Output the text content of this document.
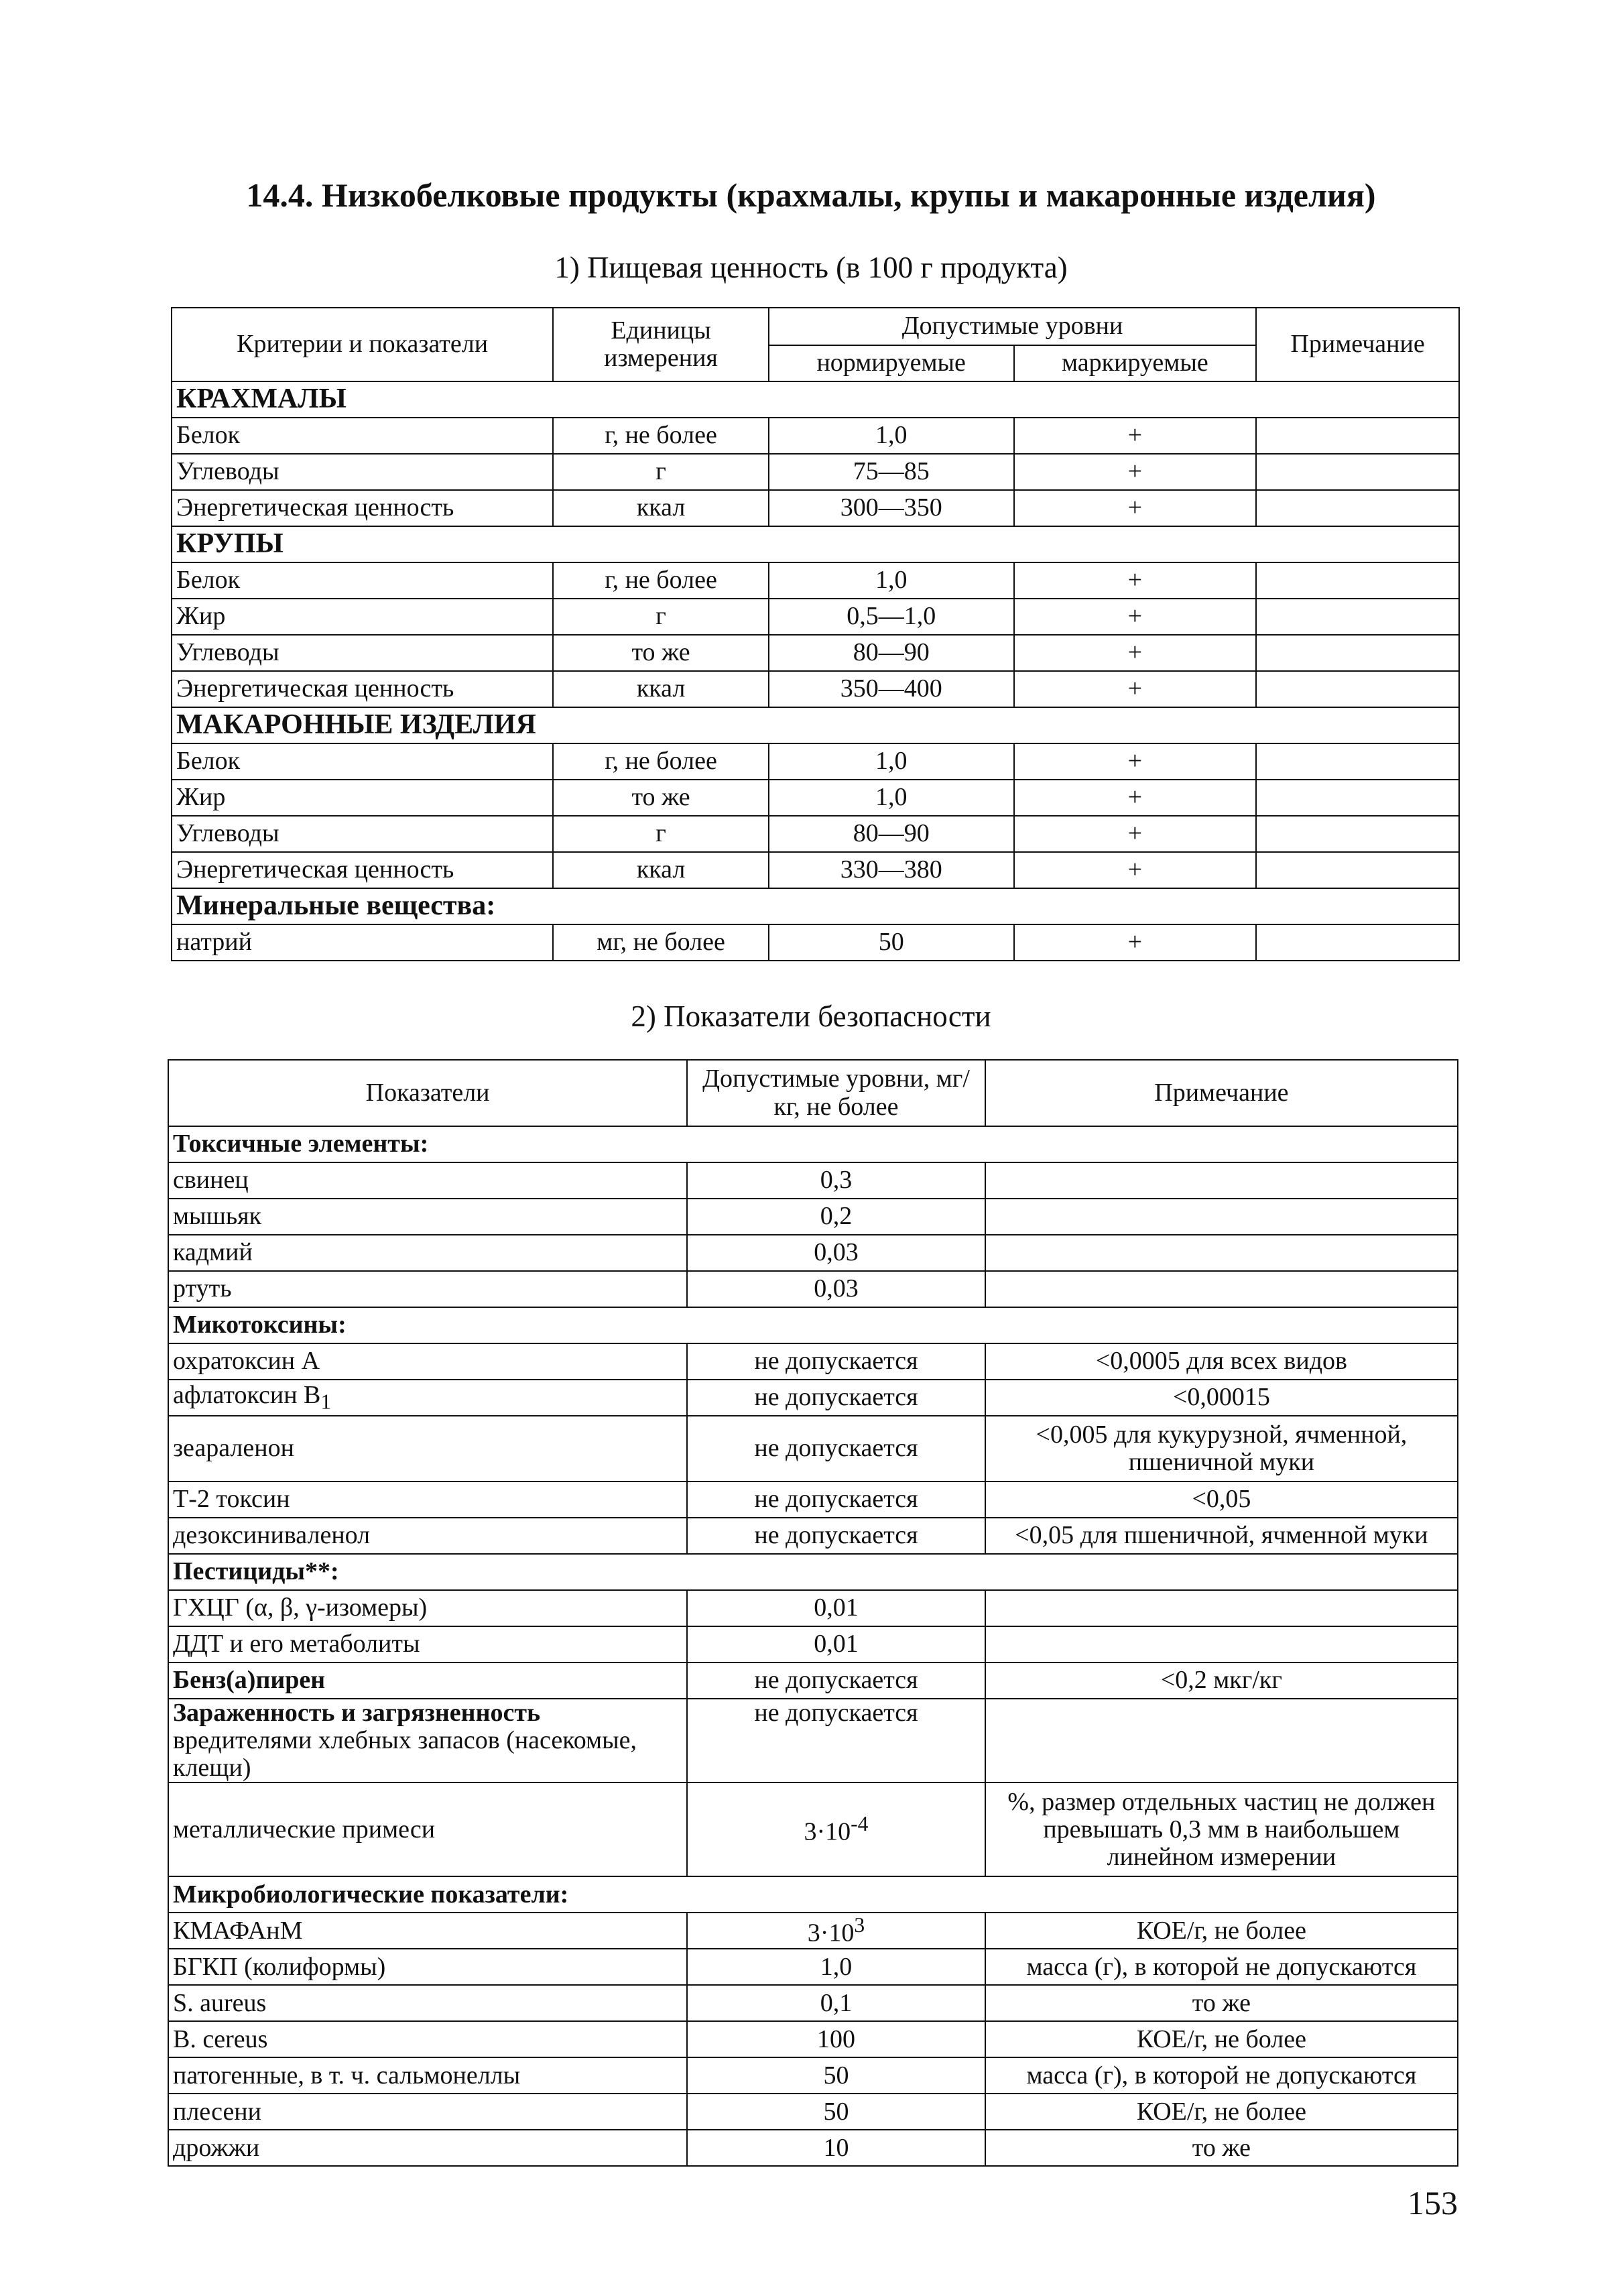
14.4. Низкобелковые продукты (крахмалы, крупы и макаронные изделия)
1) Пищевая ценность (в 100 г продукта)
Критерии и показатели	Единицы измерения	Допустимые уровни		Примечание
		нормируемые	маркируемые	
КРАХМАЛЫ				
Белок	г, не более	1,0	+	
Углеводы	г	75—85	+	
Энергетическая ценность	ккал	300—350	+	
КРУПЫ				
Белок	г, не более	1,0	+	
Жир	г	0,5—1,0	+	
Углеводы	то же	80—90	+	
Энергетическая ценность	ккал	350—400	+	
МАКАРОННЫЕ ИЗДЕЛИЯ				
Белок	г, не более	1,0	+	
Жир	то же	1,0	+	
Углеводы	г	80—90	+	
Энергетическая ценность	ккал	330—380	+	
Минеральные вещества:				
натрий	мг, не более	50	+	
2) Показатели безопасности
Показатели	Допустимые уровни, мг/кг, не более	Примечание
Токсичные элементы:		
свинец	0,3	
мышьяк	0,2	
кадмий	0,03	
ртуть	0,03	
Микотоксины:		
охратоксин А	не допускается	<0,0005 для всех видов
афлатоксин $B_1$	не допускается	<0,00015
зеараленон	не допускается	<0,005 для кукурузной, ячменной, пшеничной муки
Т-2 токсин	не допускается	<0,05
дезоксиниваленол	не допускается	<0,05 для пшеничной, ячменной муки
Пестициды**:		
ГХЦГ (α, β, γ-изомеры)	0,01	
ДДТ и его метаболиты	0,01	
Бенз(а)пирен	не допускается	<0,2 мкг/кг
Зараженность и загрязненность вредителями хлебных запасов (насекомые, клещи)	не допускается	
металлические примеси	$3\cdot 10^{-4}$	%, размер отдельных частиц не должен превышать 0,3 мм в наибольшем линейном измерении
Микробиологические показатели:		
КМАФАнМ	$3\cdot 10^3$	КОЕ/г, не более
БГКП (колиформы)	1,0	масса (г), в которой не допускаются
S. aureus	0,1	то же
B. cereus	100	КОЕ/г, не более
патогенные, в т. ч. сальмонеллы	50	масса (г), в которой не допускаются
плесени	50	КОЕ/г, не более
дрожжи	10	то же
153
